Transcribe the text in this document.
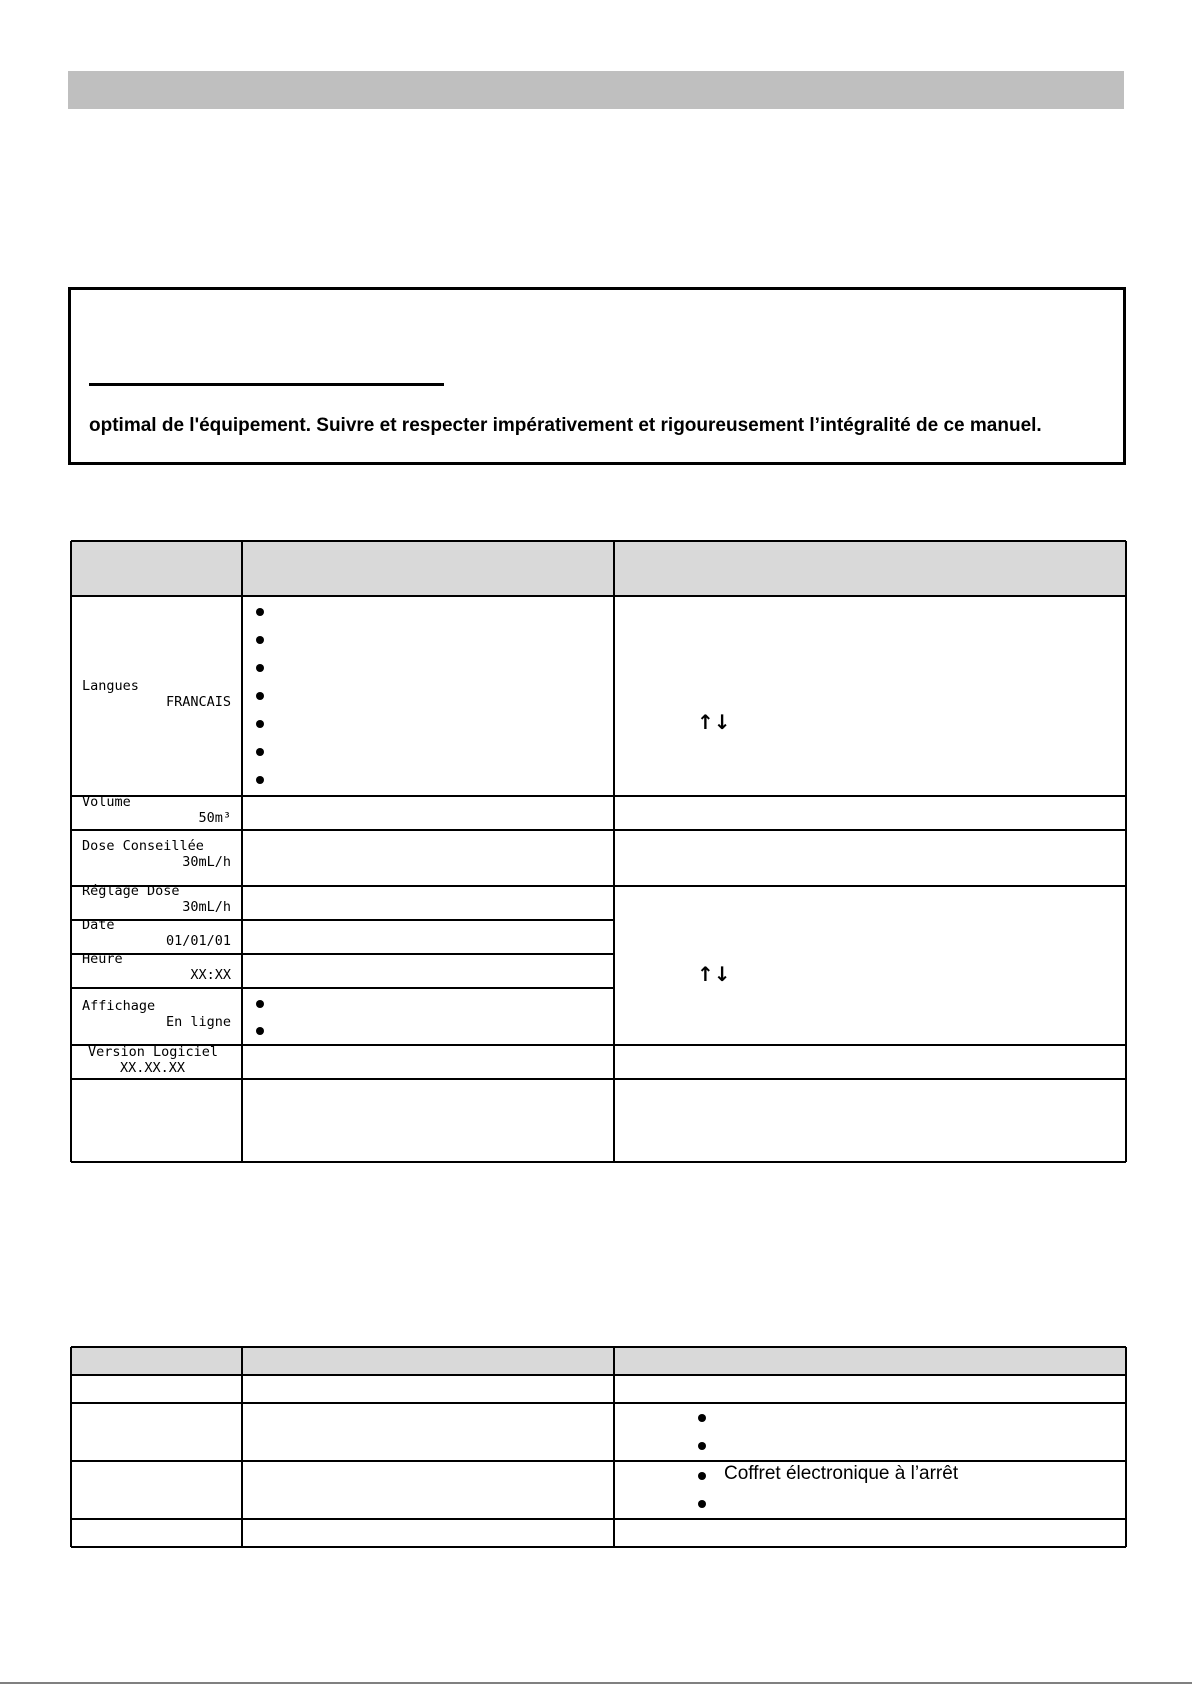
optimal de l'équipement. Suivre et respecter impérativement et rigoureusement l’intégralité de ce manuel.
Langues
FRANCAIS
Volume
50m³
Dose Conseillée
30mL/h
Réglage Dose
30mL/h
Date
01/01/01
Heure
XX:XX
Affichage
En ligne
Version Logiciel
XX.XX.XX
↑↓
↑↓
Coffret électronique à l’arrêt
